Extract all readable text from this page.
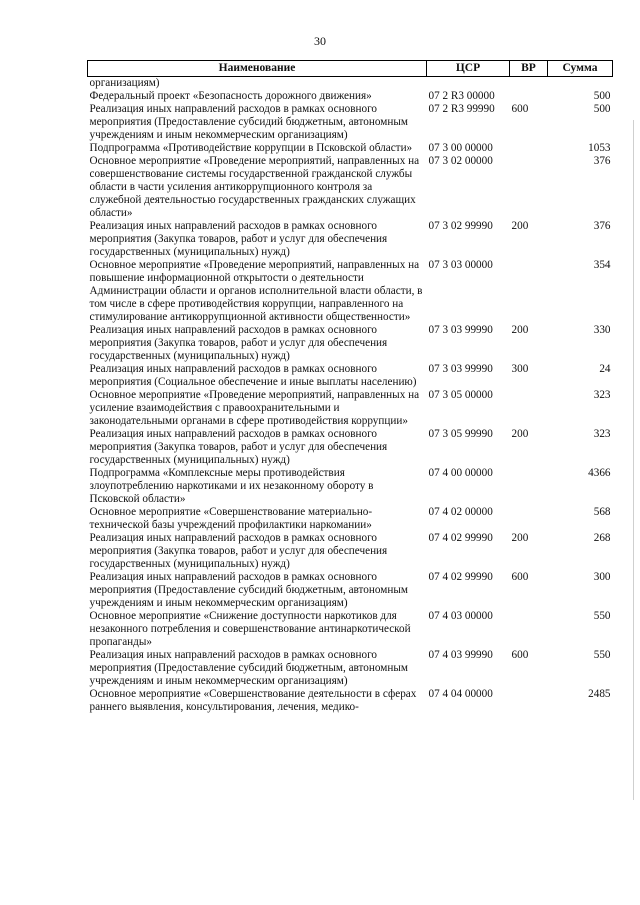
30
Наименование	ЦСР	ВР	Сумма
организациям)			
Федеральный проект «Безопасность дорожного движения»	07 2 R3 00000		500
Реализация иных направлений расходов в рамках основного мероприятия (Предоставление субсидий бюджетным, автономным учреждениям и иным некоммерческим организациям)	07 2 R3 99990	600	500
Подпрограмма «Противодействие коррупции в Псковской области»	07 3 00 00000		1053
Основное мероприятие «Проведение мероприятий, направленных на совершенствование системы государственной гражданской службы области в части усиления антикоррупционного контроля за служебной деятельностью государственных гражданских служащих области»	07 3 02 00000		376
Реализация иных направлений расходов в рамках основного мероприятия (Закупка товаров, работ и услуг для обеспечения государственных (муниципальных) нужд)	07 3 02 99990	200	376
Основное мероприятие «Проведение мероприятий, направленных на повышение информационной открытости о деятельности Администрации области и органов исполнительной власти области, в том числе в сфере противодействия коррупции, направленного на стимулирование антикоррупционной активности общественности»	07 3 03 00000		354
Реализация иных направлений расходов в рамках основного мероприятия (Закупка товаров, работ и услуг для обеспечения государственных (муниципальных) нужд)	07 3 03 99990	200	330
Реализация иных направлений расходов в рамках основного мероприятия (Социальное обеспечение и иные выплаты населению)	07 3 03 99990	300	24
Основное мероприятие «Проведение мероприятий, направленных на усиление взаимодействия с правоохранительными и законодательными органами в сфере противодействия коррупции»	07 3 05 00000		323
Реализация иных направлений расходов в рамках основного мероприятия (Закупка товаров, работ и услуг для обеспечения государственных (муниципальных) нужд)	07 3 05 99990	200	323
Подпрограмма «Комплексные меры противодействия злоупотреблению наркотиками и их незаконному обороту в Псковской области»	07 4 00 00000		4366
Основное мероприятие «Совершенствование материально-технической базы учреждений профилактики наркомании»	07 4 02 00000		568
Реализация иных направлений расходов в рамках основного мероприятия (Закупка товаров, работ и услуг для обеспечения государственных (муниципальных) нужд)	07 4 02 99990	200	268
Реализация иных направлений расходов в рамках основного мероприятия (Предоставление субсидий бюджетным, автономным учреждениям и иным некоммерческим организациям)	07 4 02 99990	600	300
Основное мероприятие «Снижение доступности наркотиков для незаконного потребления и совершенствование антинаркотической пропаганды»	07 4 03 00000		550
Реализация иных направлений расходов в рамках основного мероприятия (Предоставление субсидий бюджетным, автономным учреждениям и иным некоммерческим организациям)	07 4 03 99990	600	550
Основное мероприятие «Совершенствование деятельности в сферах раннего выявления, консультирования, лечения, медико-	07 4 04 00000		2485
